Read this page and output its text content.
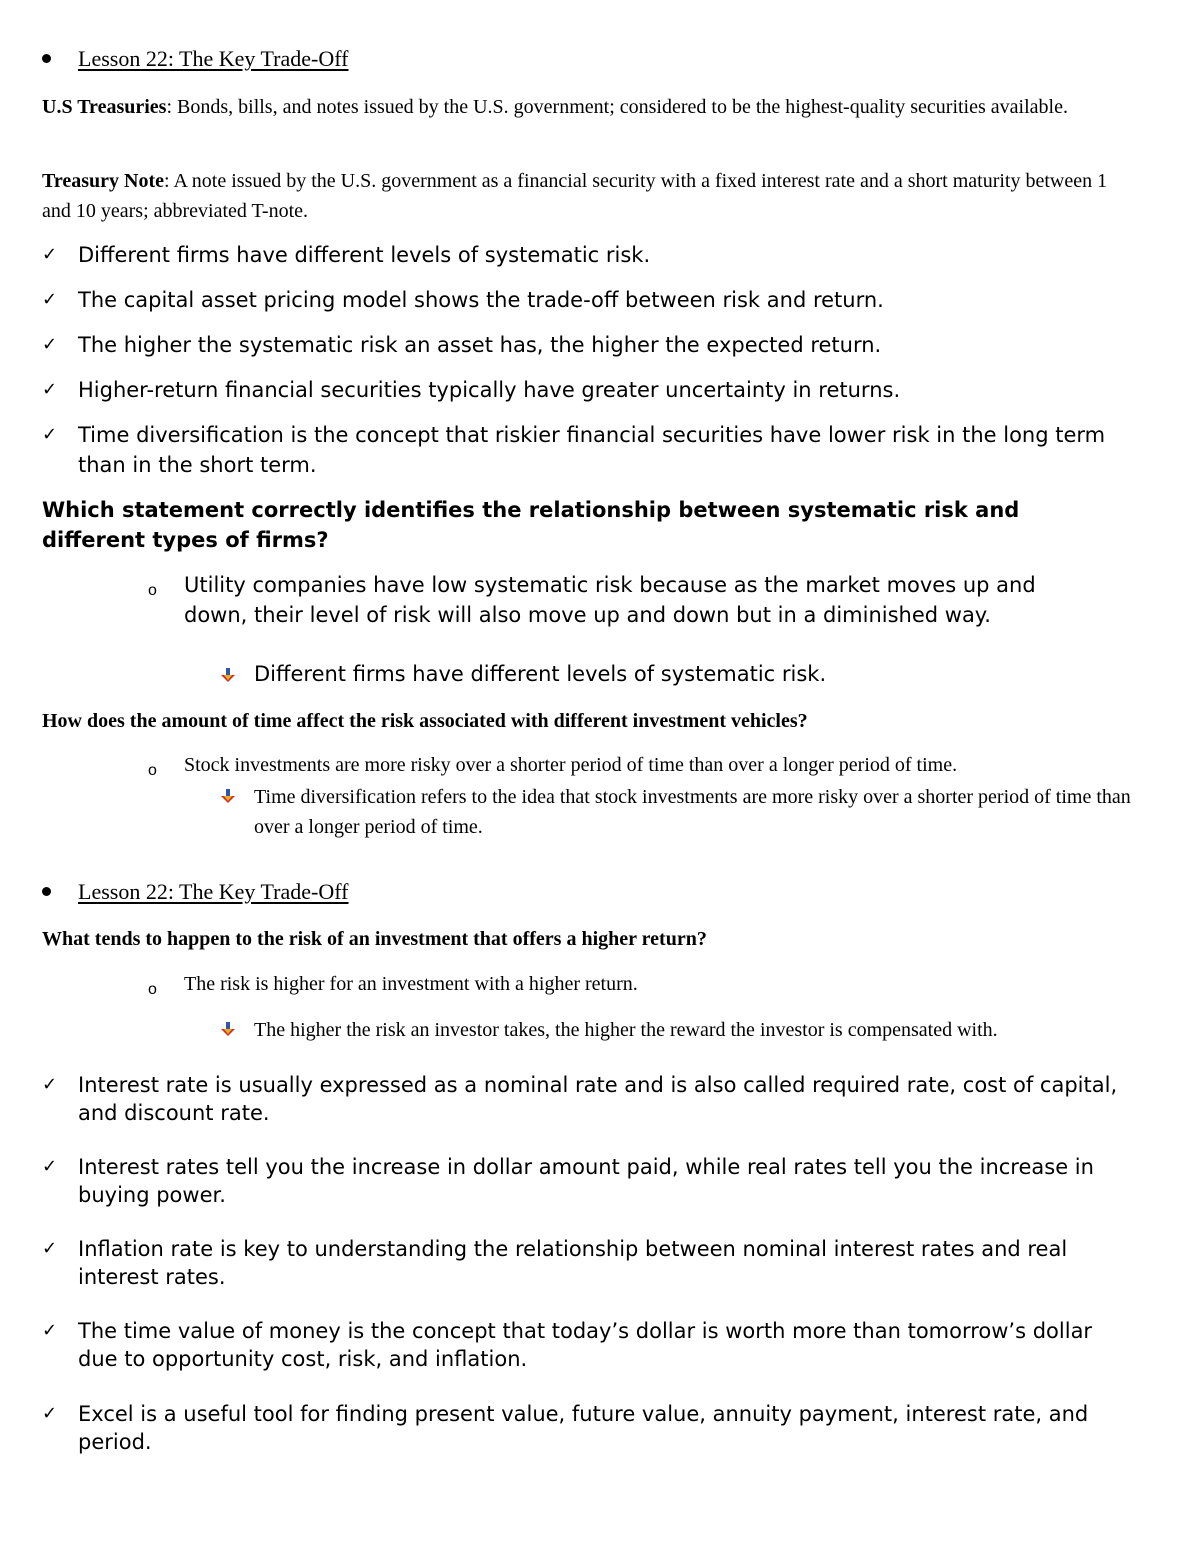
Lesson 22: The Key Trade-Off
U.S Treasuries: Bonds, bills, and notes issued by the U.S. government; considered to be the highest-quality securities available.
Treasury Note: A note issued by the U.S. government as a financial security with a fixed interest rate and a short maturity between 1 and 10 years; abbreviated T-note.
✓ Different firms have different levels of systematic risk.
✓ The capital asset pricing model shows the trade-off between risk and return.
✓ The higher the systematic risk an asset has, the higher the expected return.
✓ Higher-return financial securities typically have greater uncertainty in returns.
✓ Time diversification is the concept that riskier financial securities have lower risk in the long term than in the short term.
Which statement correctly identifies the relationship between systematic risk and different types of firms?
o Utility companies have low systematic risk because as the market moves up and down, their level of risk will also move up and down but in a diminished way.
Different firms have different levels of systematic risk.
How does the amount of time affect the risk associated with different investment vehicles?
o Stock investments are more risky over a shorter period of time than over a longer period of time.
Time diversification refers to the idea that stock investments are more risky over a shorter period of time than over a longer period of time.
Lesson 22: The Key Trade-Off
What tends to happen to the risk of an investment that offers a higher return?
o The risk is higher for an investment with a higher return.
The higher the risk an investor takes, the higher the reward the investor is compensated with.
✓ Interest rate is usually expressed as a nominal rate and is also called required rate, cost of capital, and discount rate.
✓ Interest rates tell you the increase in dollar amount paid, while real rates tell you the increase in buying power.
✓ Inflation rate is key to understanding the relationship between nominal interest rates and real interest rates.
✓ The time value of money is the concept that today’s dollar is worth more than tomorrow’s dollar due to opportunity cost, risk, and inflation.
✓ Excel is a useful tool for finding present value, future value, annuity payment, interest rate, and period.
